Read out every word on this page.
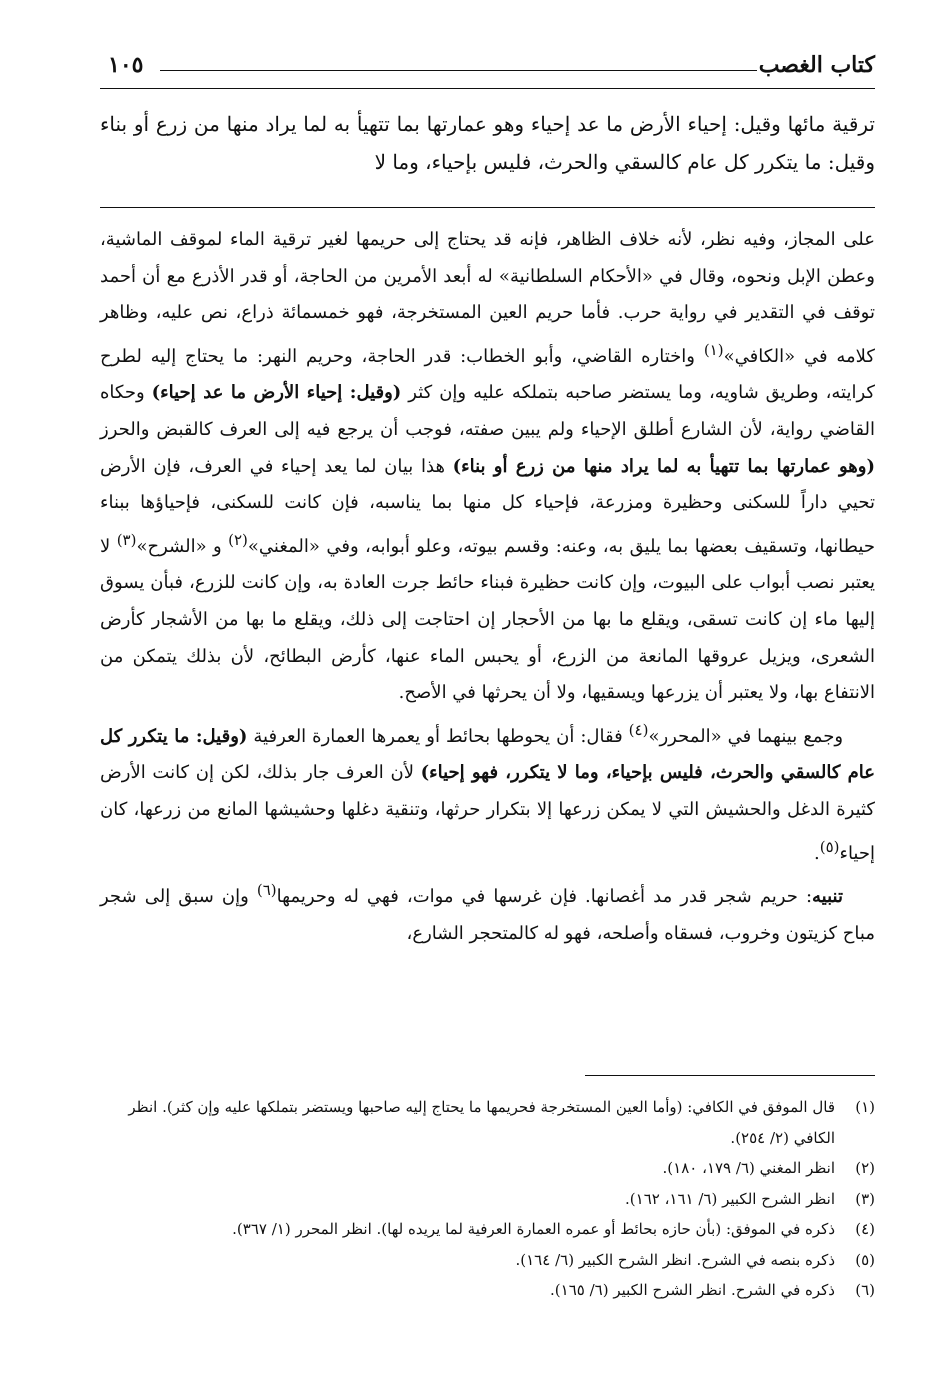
كتاب الغصب
١٠٥
ترقية مائها وقيل: إحياء الأرض ما عد إحياء وهو عمارتها بما تتهيأ به لما يراد منها من زرع أو بناء وقيل: ما يتكرر كل عام كالسقي والحرث، فليس بإحياء، وما لا

على المجاز، وفيه نظر، لأنه خلاف الظاهر، فإنه قد يحتاج إلى حريمها لغير ترقية الماء لموقف الماشية، وعطن الإبل ونحوه، وقال في «الأحكام السلطانية» له أبعد الأمرين من الحاجة، أو قدر الأذرع مع أن أحمد توقف في التقدير في رواية حرب. فأما حريم العين المستخرجة، فهو خمسمائة ذراع، نص عليه، وظاهر كلامه في «الكافي»$^{(١)}$ واختاره القاضي، وأبو الخطاب: قدر الحاجة، وحريم النهر: ما يحتاج إليه لطرح كرايته، وطريق شاويه، وما يستضر صاحبه بتملكه عليه وإن كثر (وقيل: إحياء الأرض ما عد إحياء) وحكاه القاضي رواية، لأن الشارع أطلق الإحياء ولم يبين صفته، فوجب أن يرجع فيه إلى العرف كالقبض والحرز (وهو عمارتها بما تتهيأ به لما يراد منها من زرع أو بناء) هذا بيان لما يعد إحياء في العرف، فإن الأرض تحيي داراً للسكنى وحظيرة ومزرعة، فإحياء كل منها بما يناسبه، فإن كانت للسكنى، فإحياؤها ببناء حيطانها، وتسقيف بعضها بما يليق به، وعنه: وقسم بيوته، وعلو أبوابه، وفي «المغني»$^{(٢)}$ و «الشرح»$^{(٣)}$ لا يعتبر نصب أبواب على البيوت، وإن كانت حظيرة فبناء حائط جرت العادة به، وإن كانت للزرع، فبأن يسوق إليها ماء إن كانت تسقى، ويقلع ما بها من الأحجار إن احتاجت إلى ذلك، ويقلع ما بها من الأشجار كأرض الشعرى، ويزيل عروقها المانعة من الزرع، أو يحبس الماء عنها، كأرض البطائح، لأن بذلك يتمكن من الانتفاع بها، ولا يعتبر أن يزرعها ويسقيها، ولا أن يحرثها في الأصح.

وجمع بينهما في «المحرر»$^{(٤)}$ فقال: أن يحوطها بحائط أو يعمرها العمارة العرفية (وقيل: ما يتكرر كل عام كالسقي والحرث، فليس بإحياء، وما لا يتكرر، فهو إحياء) لأن العرف جار بذلك، لكن إن كانت الأرض كثيرة الدغل والحشيش التي لا يمكن زرعها إلا بتكرار حرثها، وتنقية دغلها وحشيشها المانع من زرعها، كان إحياء$^{(٥)}$.

تنبيه: حريم شجر قدر مد أغصانها. فإن غرسها في موات، فهي له وحريمها$^{(٦)}$ وإن سبق إلى شجر مباح كزيتون وخروب، فسقاه وأصلحه، فهو له كالمتحجر الشارع،

(١)
قال الموفق في الكافي: (وأما العين المستخرجة فحريمها ما يحتاج إليه صاحبها ويستضر بتملكها عليه وإن كثر). انظر الكافي (٢/ ٢٥٤).

(٢)
انظر المغني (٦/ ١٧٩، ١٨٠).

(٣)
انظر الشرح الكبير (٦/ ١٦١، ١٦٢).

(٤)
ذكره في الموفق: (بأن حازه بحائط أو عمره العمارة العرفية لما يريده لها). انظر المحرر (١/ ٣٦٧).

(٥)
ذكره بنصه في الشرح. انظر الشرح الكبير (٦/ ١٦٤).

(٦)
ذكره في الشرح. انظر الشرح الكبير (٦/ ١٦٥).
